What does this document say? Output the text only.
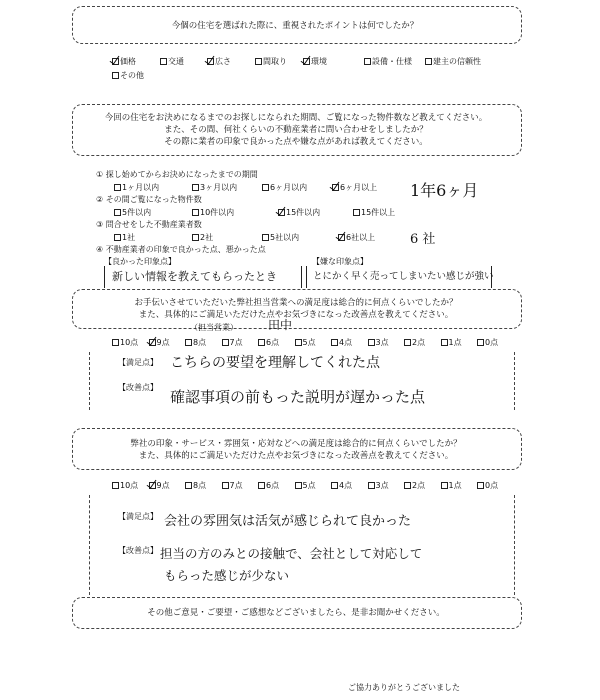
今個の住宅を選ばれた際に、重視されたポイントは何でしたか？
価格	交通	広さ	間取り	環境	設備・仕様	建主の信頼性
その他
今回の住宅をお決めになるまでのお探しになられた期間、ご覧になった物件数など教えてください。
また、その間、何社くらいの不動産業者に問い合わせをしましたか？
その際に業者の印象で良かった点や嫌な点があれば教えてください。
① 探し始めてからお決めになったまでの期間
1ヶ月以内	3ヶ月以内	6ヶ月以内	6ヶ月以上 1年6ヶ月
② その間ご覧になった物件数
5件以内	10件以内	15件以内	15件以上
③ 問合せをした不動産業者数
1社	2社	5社以内	6社以上	6 社
④ 不動産業者の印象で良かった点、悪かった点
【良かった印象点】	【嫌な印象点】
新しい情報を教えてもらったとき	とにかく早く売ってしまいたい感じが強い
お手伝いさせていただいた弊社担当営業への満足度は総合的に何点くらいでしたか？
また、具体的にご満足いただけた点やお気づきになった改善点を教えてください。
（担当営業）	田中
10点 9点	8点	7点	6点	5点	4点	3点	2点	1点	0点
【満足点】 こちらの要望を理解してくれた点
【改善点】
確認事項の前もった説明が遅かった点
弊社の印象・サービス・雰囲気・応対などへの満足度は総合的に何点くらいでしたか？
また、具体的にご満足いただけた点やお気づきになった改善点を教えてください。
10点 9点	8点	7点	6点	5点	4点	3点	2点	1点	0点
【満足点】 会社の雰囲気は活気が感じられて良かった
【改善点】 担当の方のみとの接触で、会社として対応して
もらった感じが少ない
その他ご意見・ご要望・ご感想などございましたら、是非お聞かせください。
ご協力ありがとうございました
